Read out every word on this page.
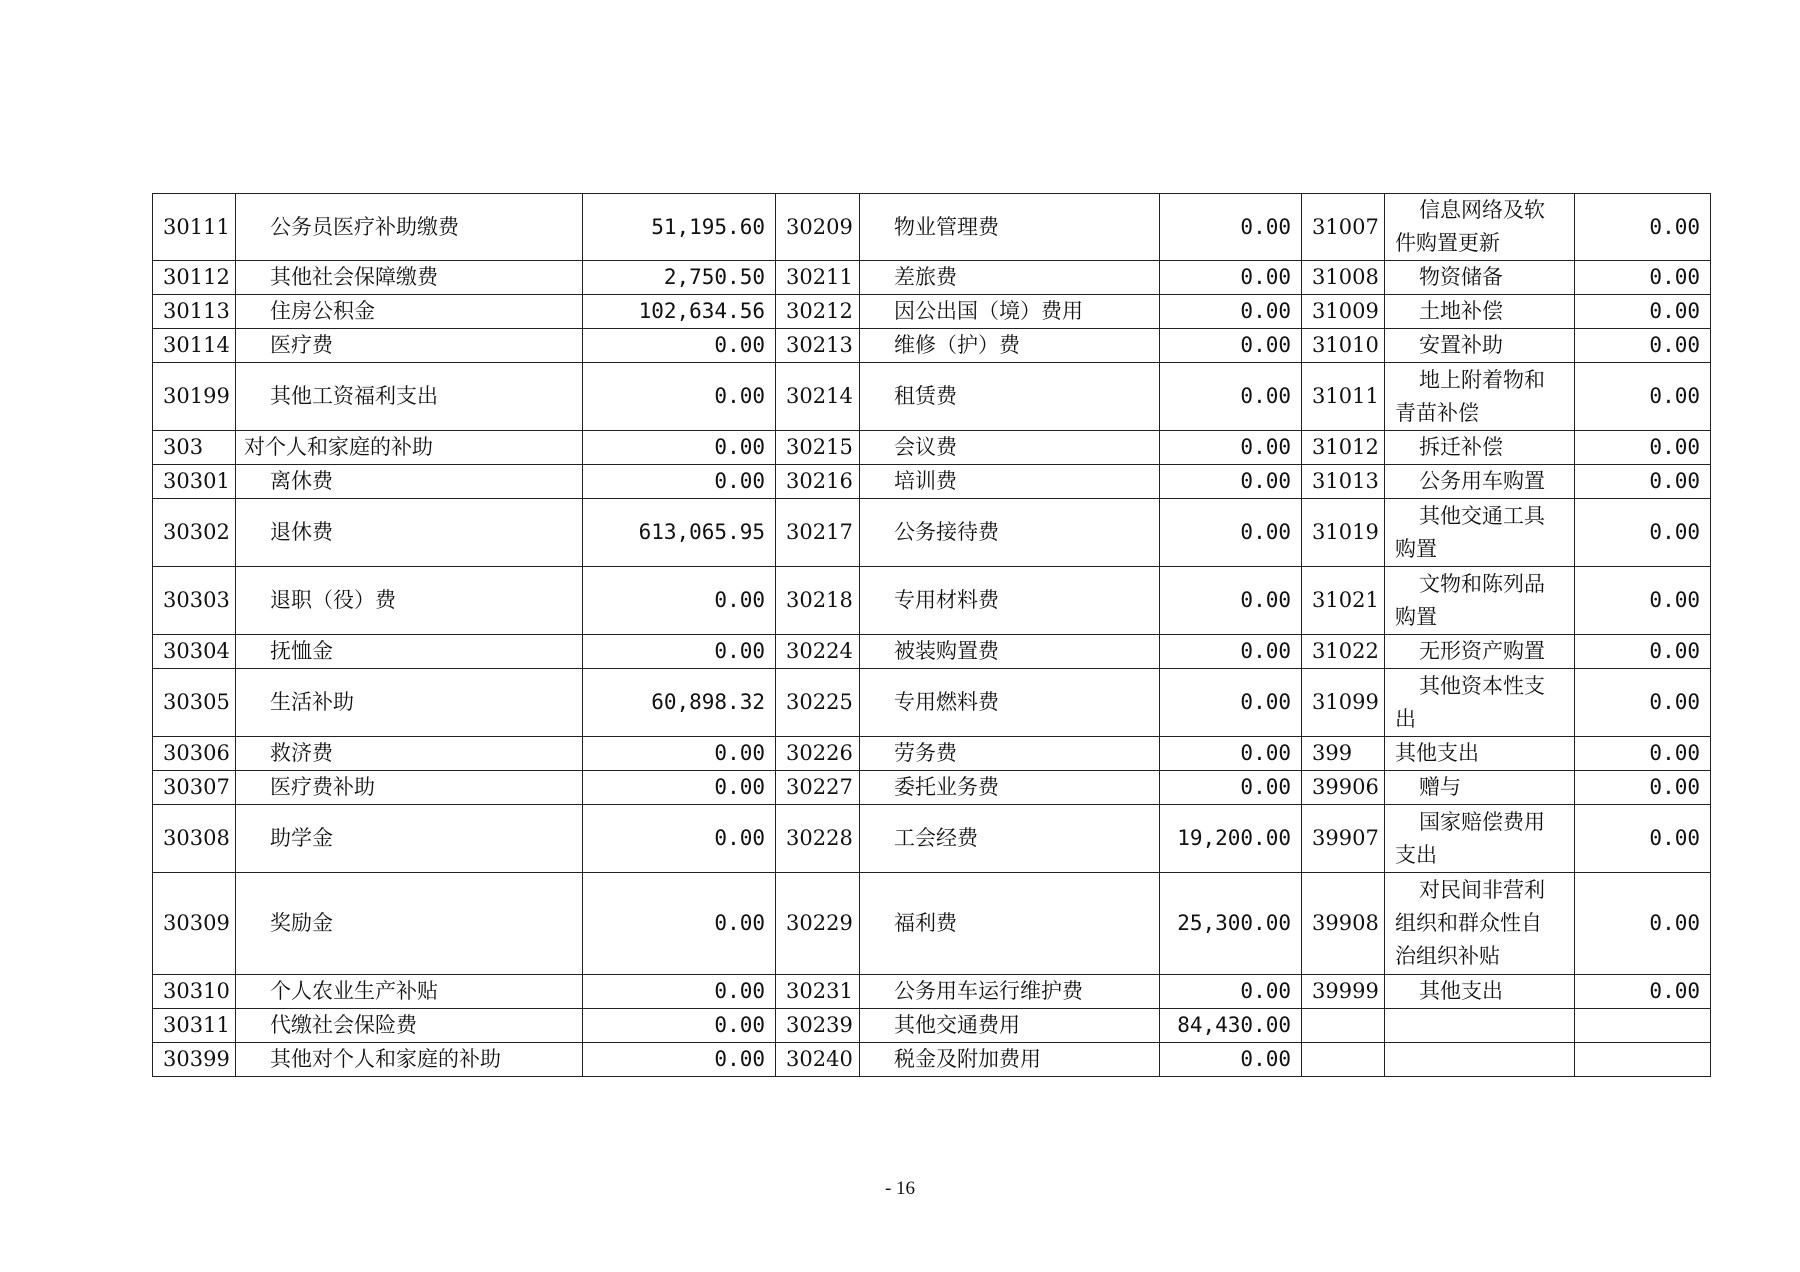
30111	公务员医疗补助缴费	51,195.60	30209	物业管理费	0.00	31007	信息网络及软
件购置更新	0.00
30112	其他社会保障缴费	2,750.50	30211	差旅费	0.00	31008	物资储备	0.00
30113	住房公积金	102,634.56	30212	因公出国（境）费用	0.00	31009	土地补偿	0.00
30114	医疗费	0.00	30213	维修（护）费	0.00	31010	安置补助	0.00
30199	其他工资福利支出	0.00	30214	租赁费	0.00	31011	地上附着物和
青苗补偿	0.00
303	对个人和家庭的补助	0.00	30215	会议费	0.00	31012	拆迁补偿	0.00
30301	离休费	0.00	30216	培训费	0.00	31013	公务用车购置	0.00
30302	退休费	613,065.95	30217	公务接待费	0.00	31019	其他交通工具
购置	0.00
30303	退职（役）费	0.00	30218	专用材料费	0.00	31021	文物和陈列品
购置	0.00
30304	抚恤金	0.00	30224	被装购置费	0.00	31022	无形资产购置	0.00
30305	生活补助	60,898.32	30225	专用燃料费	0.00	31099	其他资本性支
出	0.00
30306	救济费	0.00	30226	劳务费	0.00	399	其他支出	0.00
30307	医疗费补助	0.00	30227	委托业务费	0.00	39906	赠与	0.00
30308	助学金	0.00	30228	工会经费	19,200.00	39907	国家赔偿费用
支出	0.00
30309	奖励金	0.00	30229	福利费	25,300.00	39908	对民间非营利
组织和群众性自
治组织补贴	0.00
30310	个人农业生产补贴	0.00	30231	公务用车运行维护费	0.00	39999	其他支出	0.00
30311	代缴社会保险费	0.00	30239	其他交通费用	84,430.00			
30399	其他对个人和家庭的补助	0.00	30240	税金及附加费用	0.00			
- 16
